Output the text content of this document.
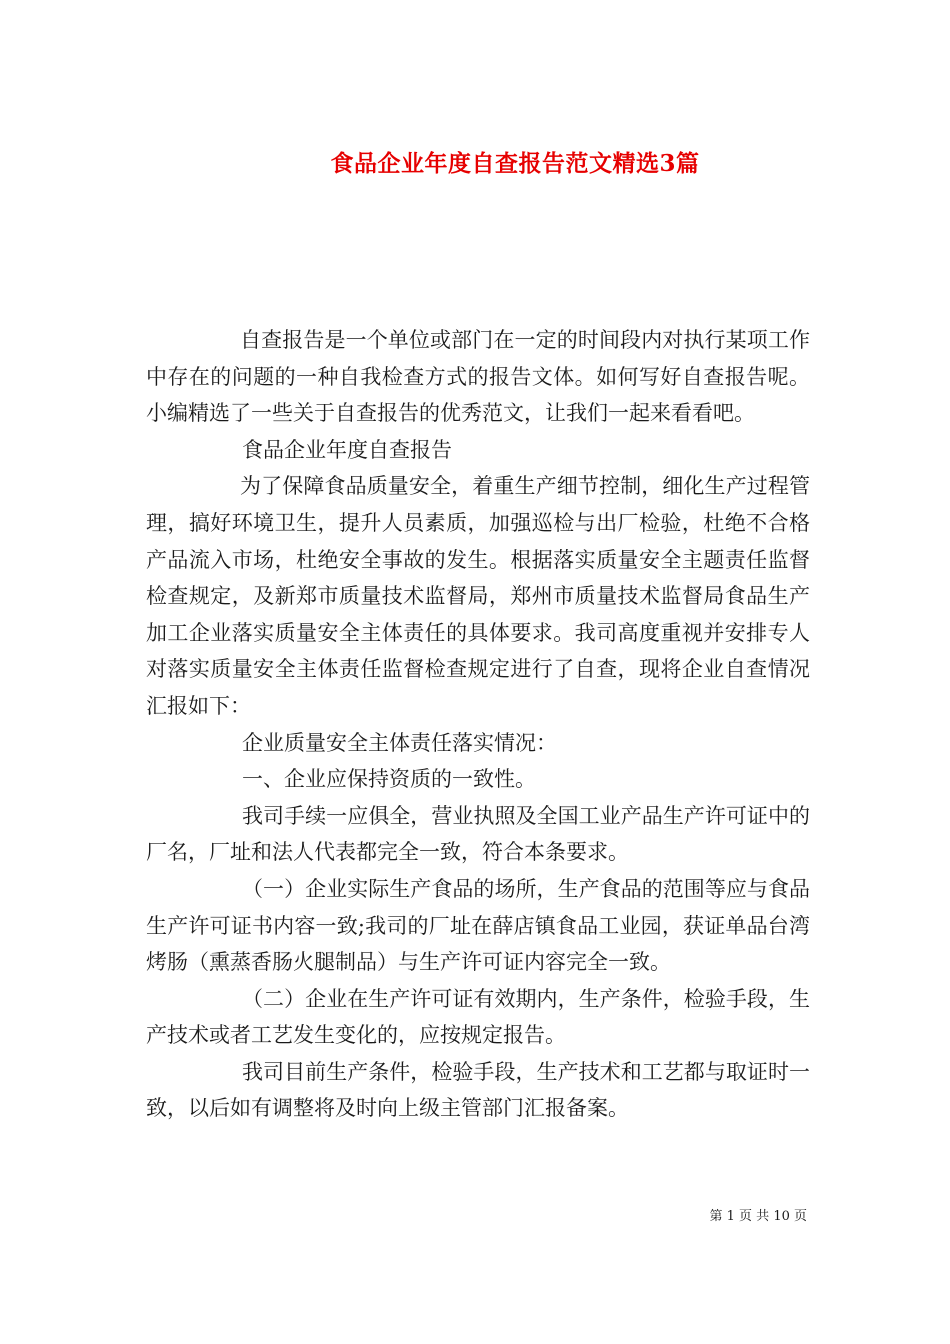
食品企业年度自查报告范文精选3篇

自查报告是一个单位或部门在一定的时间段内对执行某项工作中存在的问题的一种自我检查方式的报告文体。如何写好自查报告呢。小编精选了一些关于自查报告的优秀范文，让我们一起来看看吧。

食品企业年度自查报告

为了保障食品质量安全，着重生产细节控制，细化生产过程管理，搞好环境卫生，提升人员素质，加强巡检与出厂检验，杜绝不合格产品流入市场，杜绝安全事故的发生。根据落实质量安全主题责任监督检查规定，及新郑市质量技术监督局，郑州市质量技术监督局食品生产加工企业落实质量安全主体责任的具体要求。我司高度重视并安排专人对落实质量安全主体责任监督检查规定进行了自查，现将企业自查情况汇报如下：

企业质量安全主体责任落实情况：

一、企业应保持资质的一致性。

我司手续一应俱全，营业执照及全国工业产品生产许可证中的厂名，厂址和法人代表都完全一致，符合本条要求。

（一）企业实际生产食品的场所，生产食品的范围等应与食品生产许可证书内容一致;我司的厂址在薛店镇食品工业园，获证单品台湾烤肠（熏蒸香肠火腿制品）与生产许可证内容完全一致。

（二）企业在生产许可证有效期内，生产条件，检验手段，生产技术或者工艺发生变化的，应按规定报告。

我司目前生产条件，检验手段，生产技术和工艺都与取证时一致，以后如有调整将及时向上级主管部门汇报备案。

第 1 页 共 10 页
